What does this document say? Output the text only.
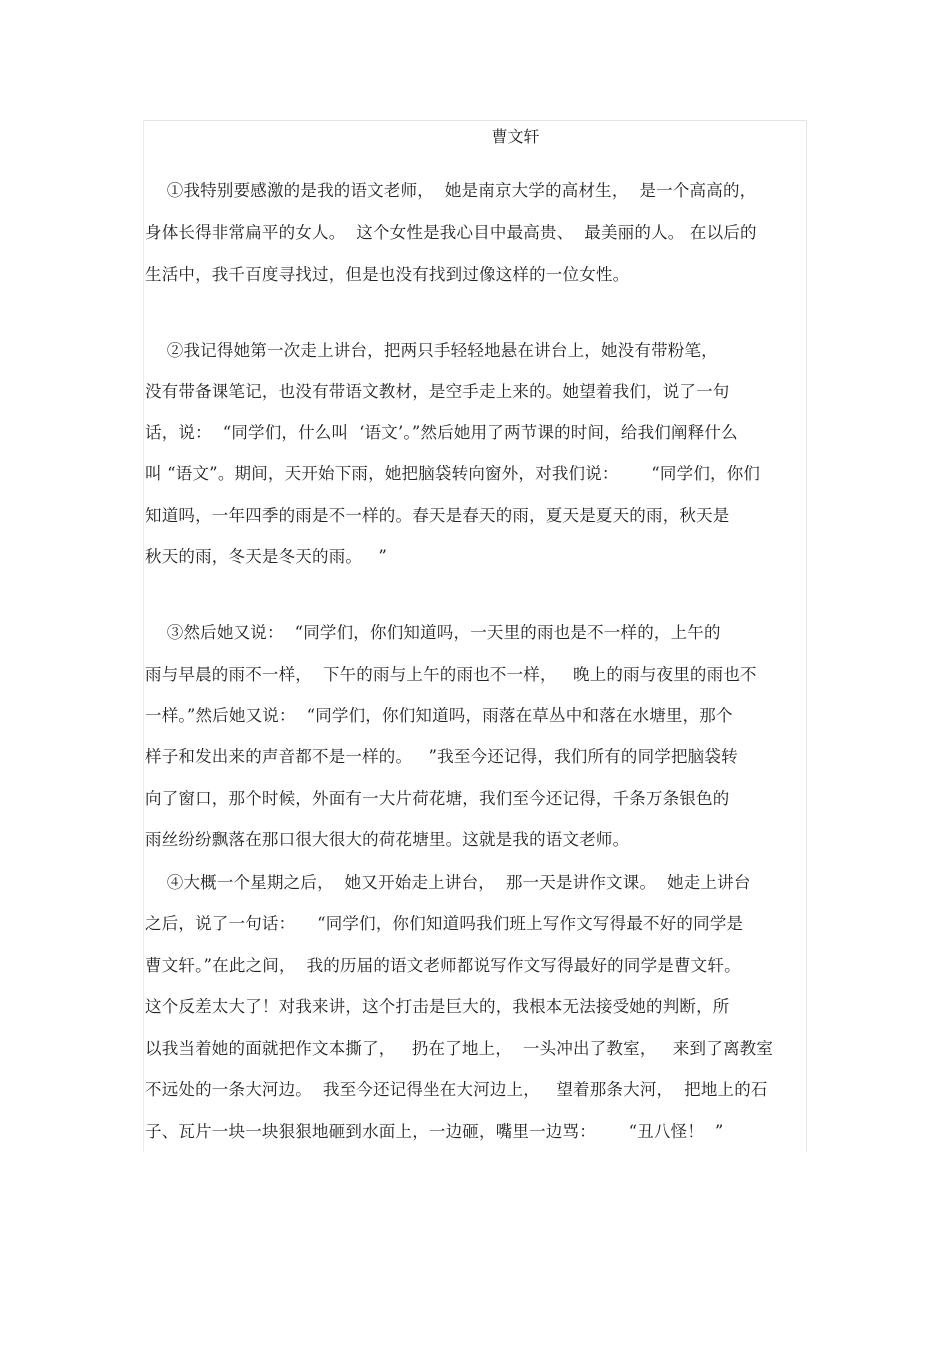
曹文轩
①我特别要感激的是我的语文老师，  她是南京大学的高材生，  是一个高高的，
身体长得非常扁平的女人。  这个女性是我心目中最高贵、  最美丽的人。 在以后的
生活中，我千百度寻找过，但是也没有找到过像这样的一位女性。
②我记得她第一次走上讲台，把两只手轻轻地悬在讲台上，她没有带粉笔，
没有带备课笔记，也没有带语文教材，是空手走上来的。她望着我们，说了一句
话，说：  “同学们，什么叫  ‘语文’。”然后她用了两节课的时间，给我们阐释什么
叫 “语文”。期间，天开始下雨，她把脑袋转向窗外，对我们说：      “同学们，你们
知道吗，一年四季的雨是不一样的。春天是春天的雨，夏天是夏天的雨，秋天是
秋天的雨，冬天是冬天的雨。   ”
③然后她又说：  “同学们，你们知道吗，一天里的雨也是不一样的，上午的
雨与早晨的雨不一样，  下午的雨与上午的雨也不一样，   晚上的雨与夜里的雨也不
一样。”然后她又说：  “同学们，你们知道吗，雨落在草丛中和落在水塘里，那个
样子和发出来的声音都不是一样的。   ”我至今还记得，我们所有的同学把脑袋转
向了窗口，那个时候，外面有一大片荷花塘，我们至今还记得，千条万条银色的
雨丝纷纷飘落在那口很大很大的荷花塘里。这就是我的语文老师。
④大概一个星期之后，  她又开始走上讲台，  那一天是讲作文课。  她走上讲台
之后，说了一句话：    “同学们，你们知道吗我们班上写作文写得最不好的同学是
曹文轩。”在此之间，  我的历届的语文老师都说写作文写得最好的同学是曹文轩。
这个反差太大了！对我来讲，这个打击是巨大的，我根本无法接受她的判断，所
以我当着她的面就把作文本撕了，   扔在了地上，  一头冲出了教室，   来到了离教室
不远处的一条大河边。  我至今还记得坐在大河边上，   望着那条大河，  把地上的石
子、瓦片一块一块狠狠地砸到水面上，一边砸，嘴里一边骂：      “丑八怪！  ”
